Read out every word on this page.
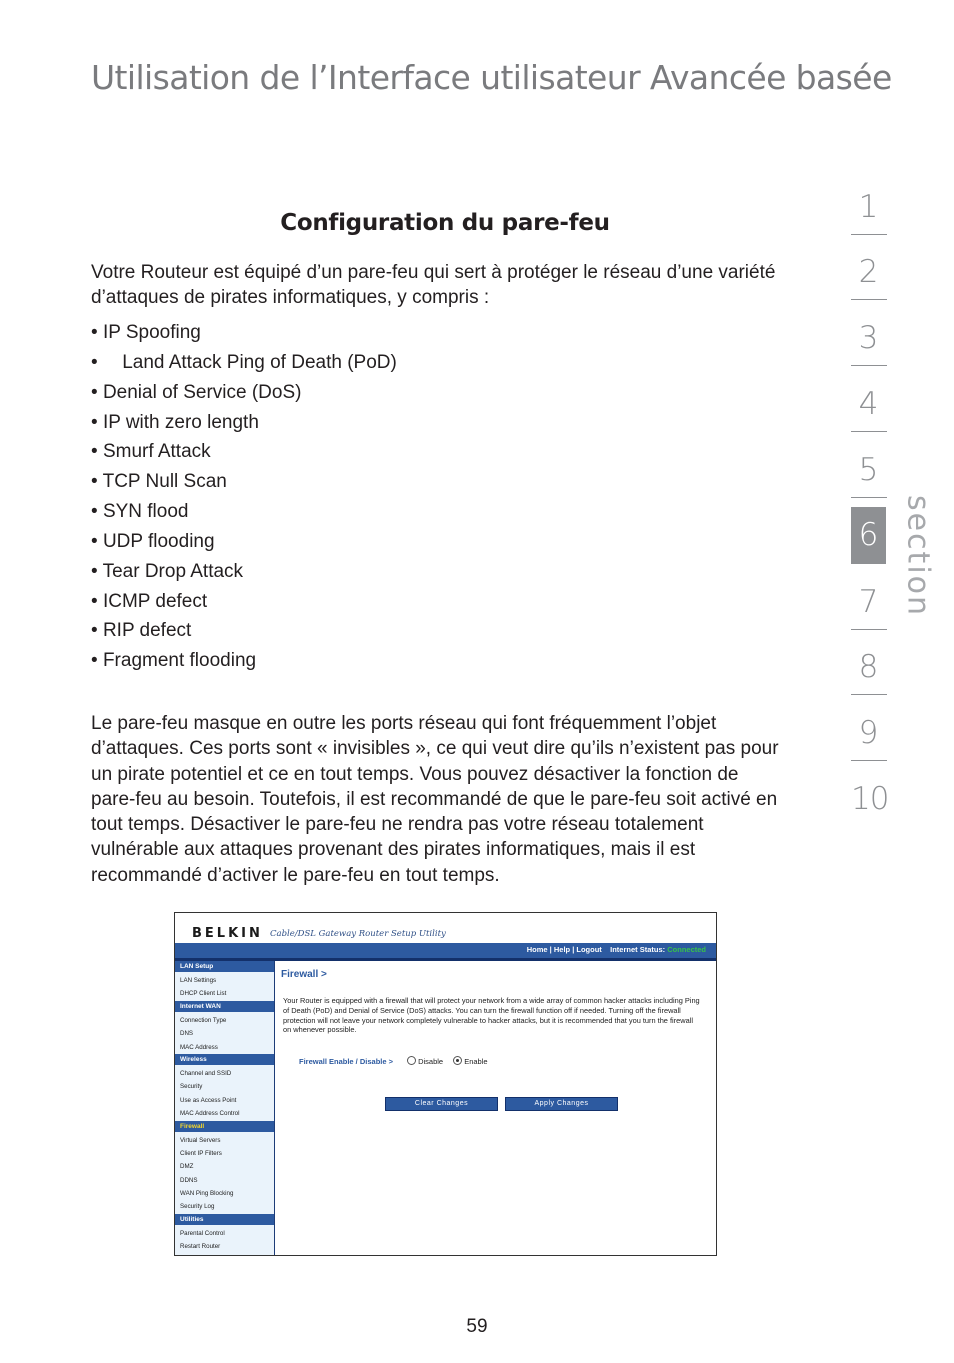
Utilisation de l’Interface utilisateur Avancée basée
Configuration du pare-feu

Votre Routeur est équipé d’un pare-feu qui sert à protéger le réseau d’une variété d’attaques de pirates informatiques, y compris :

• IP Spoofing
• Land Attack Ping of Death (PoD)
• Denial of Service (DoS)
• IP with zero length
• Smurf Attack
• TCP Null Scan
• SYN flood
• UDP flooding
• Tear Drop Attack
• ICMP defect
• RIP defect
• Fragment flooding

Le pare-feu masque en outre les ports réseau qui font fréquemment l’objet d’attaques. Ces ports sont « invisibles », ce qui veut dire qu’ils n’existent pas pour un pirate potentiel et ce en tout temps. Vous pouvez désactiver la fonction de pare-feu au besoin. Toutefois, il est recommandé de que le pare-feu soit activé en tout temps. Désactiver le pare-feu ne rendra pas votre réseau totalement vulnérable aux attaques provenant des pirates informatiques, mais il est recommandé d’activer le pare-feu en tout temps.

1
2
3
4
5
6
7
8
9
10
section
BELKIN Cable/DSL Gateway Router Setup Utility
Home | Help | Logout Internet Status: Connected
LAN Setup
LAN Settings
DHCP Client List
Internet WAN
Connection Type
DNS
MAC Address
Wireless
Channel and SSID
Security
Use as Access Point
MAC Address Control
Firewall
Virtual Servers
Client IP Filters
DMZ
DDNS
WAN Ping Blocking
Security Log
Utilities
Parental Control
Restart Router
Firewall >

Your Router is equipped with a firewall that will protect your network from a wide array of common hacker attacks including Ping of Death (PoD) and Denial of Service (DoS) attacks. You can turn the firewall function off if needed. Turning off the firewall protection will not leave your network completely vulnerable to hacker attacks, but it is recommended that you turn the firewall on whenever possible.

Firewall Enable / Disable >	Disable	Enable
Clear Changes	Apply Changes
59
